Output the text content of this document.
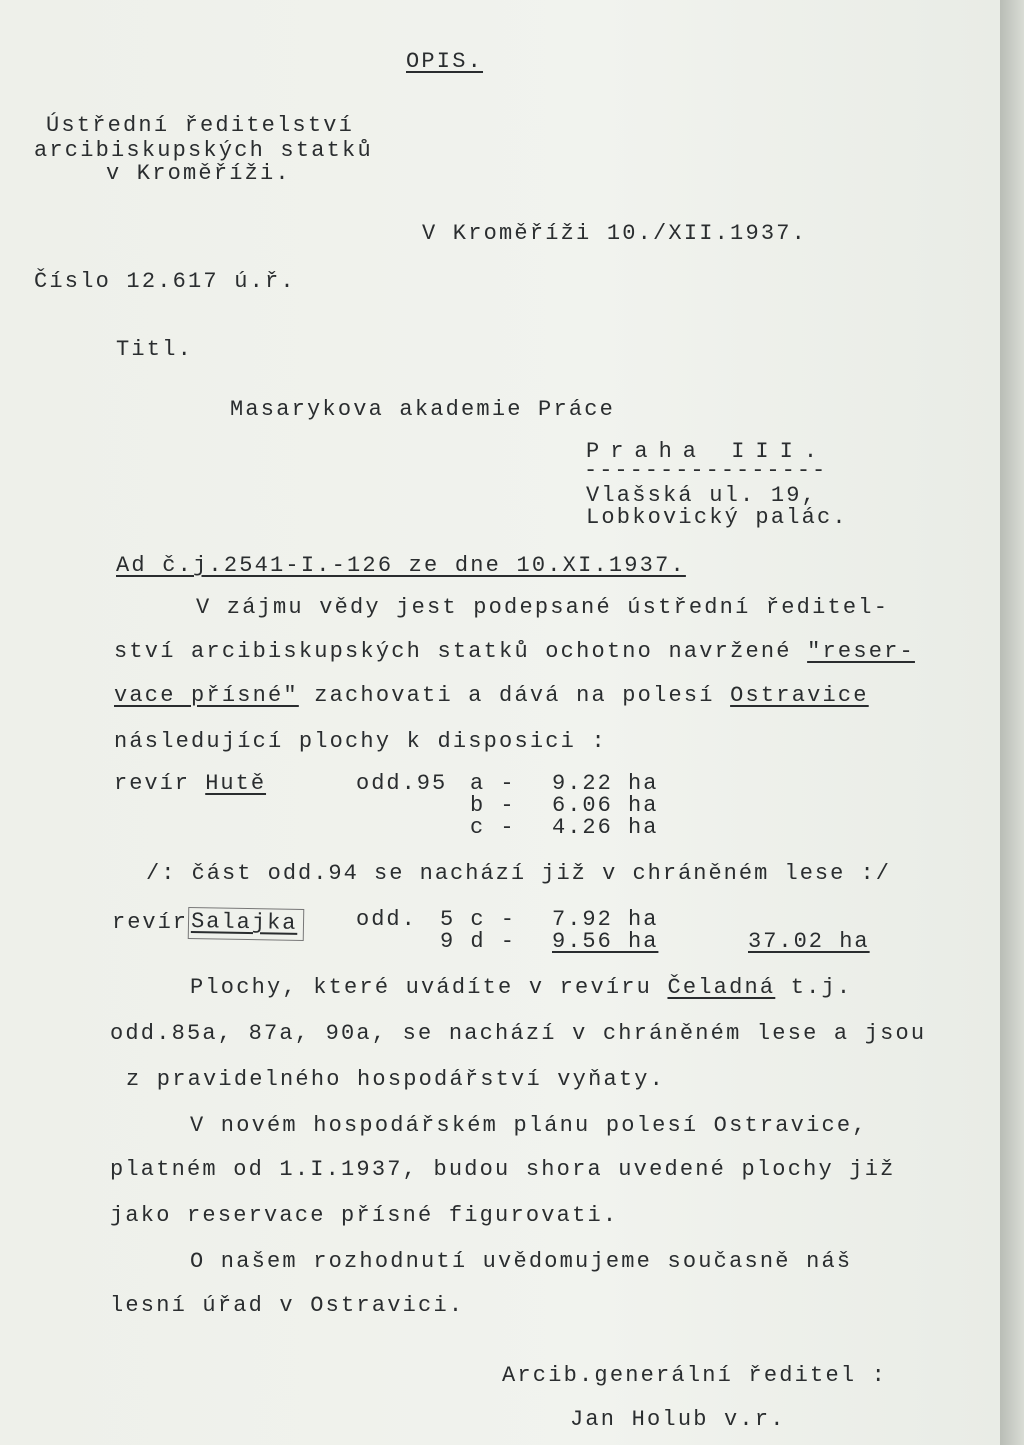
OPIS.
Ústřední ředitelství
arcibiskupských statků
v Kroměříži.
V Kroměříži 10./XII.1937.
Číslo 12.617 ú.ř.
Titl.
Masarykova akademie Práce
Praha III.
----------------
Vlašská ul. 19,
Lobkovický palác.
Ad č.j.2541-I.-126 ze dne 10.XI.1937.
V zájmu vědy jest podepsané ústřední ředitel-
ství arcibiskupských statků ochotno navržené "reser-
vace přísné" zachovati a dává na polesí Ostravice
následující plochy k disposici :
revír Hutě	odd.95 a - 9.22 ha
b - 6.06 ha
c - 4.26 ha
/: část odd.94 se nachází již v chráněném lese :/
revír Salajka	odd. 5 c - 7.92 ha
9 d - 9.56 ha	37.02 ha
Plochy, které uvádíte v revíru Čeladná t.j.
odd.85a, 87a, 90a, se nachází v chráněném lese a jsou
z pravidelného hospodářství vyňaty.
V novém hospodářském plánu polesí Ostravice,
platném od 1.I.1937, budou shora uvedené plochy již
jako reservace přísné figurovati.
O našem rozhodnutí uvědomujeme současně náš
lesní úřad v Ostravici.
Arcib.generální ředitel :
Jan Holub v.r.
